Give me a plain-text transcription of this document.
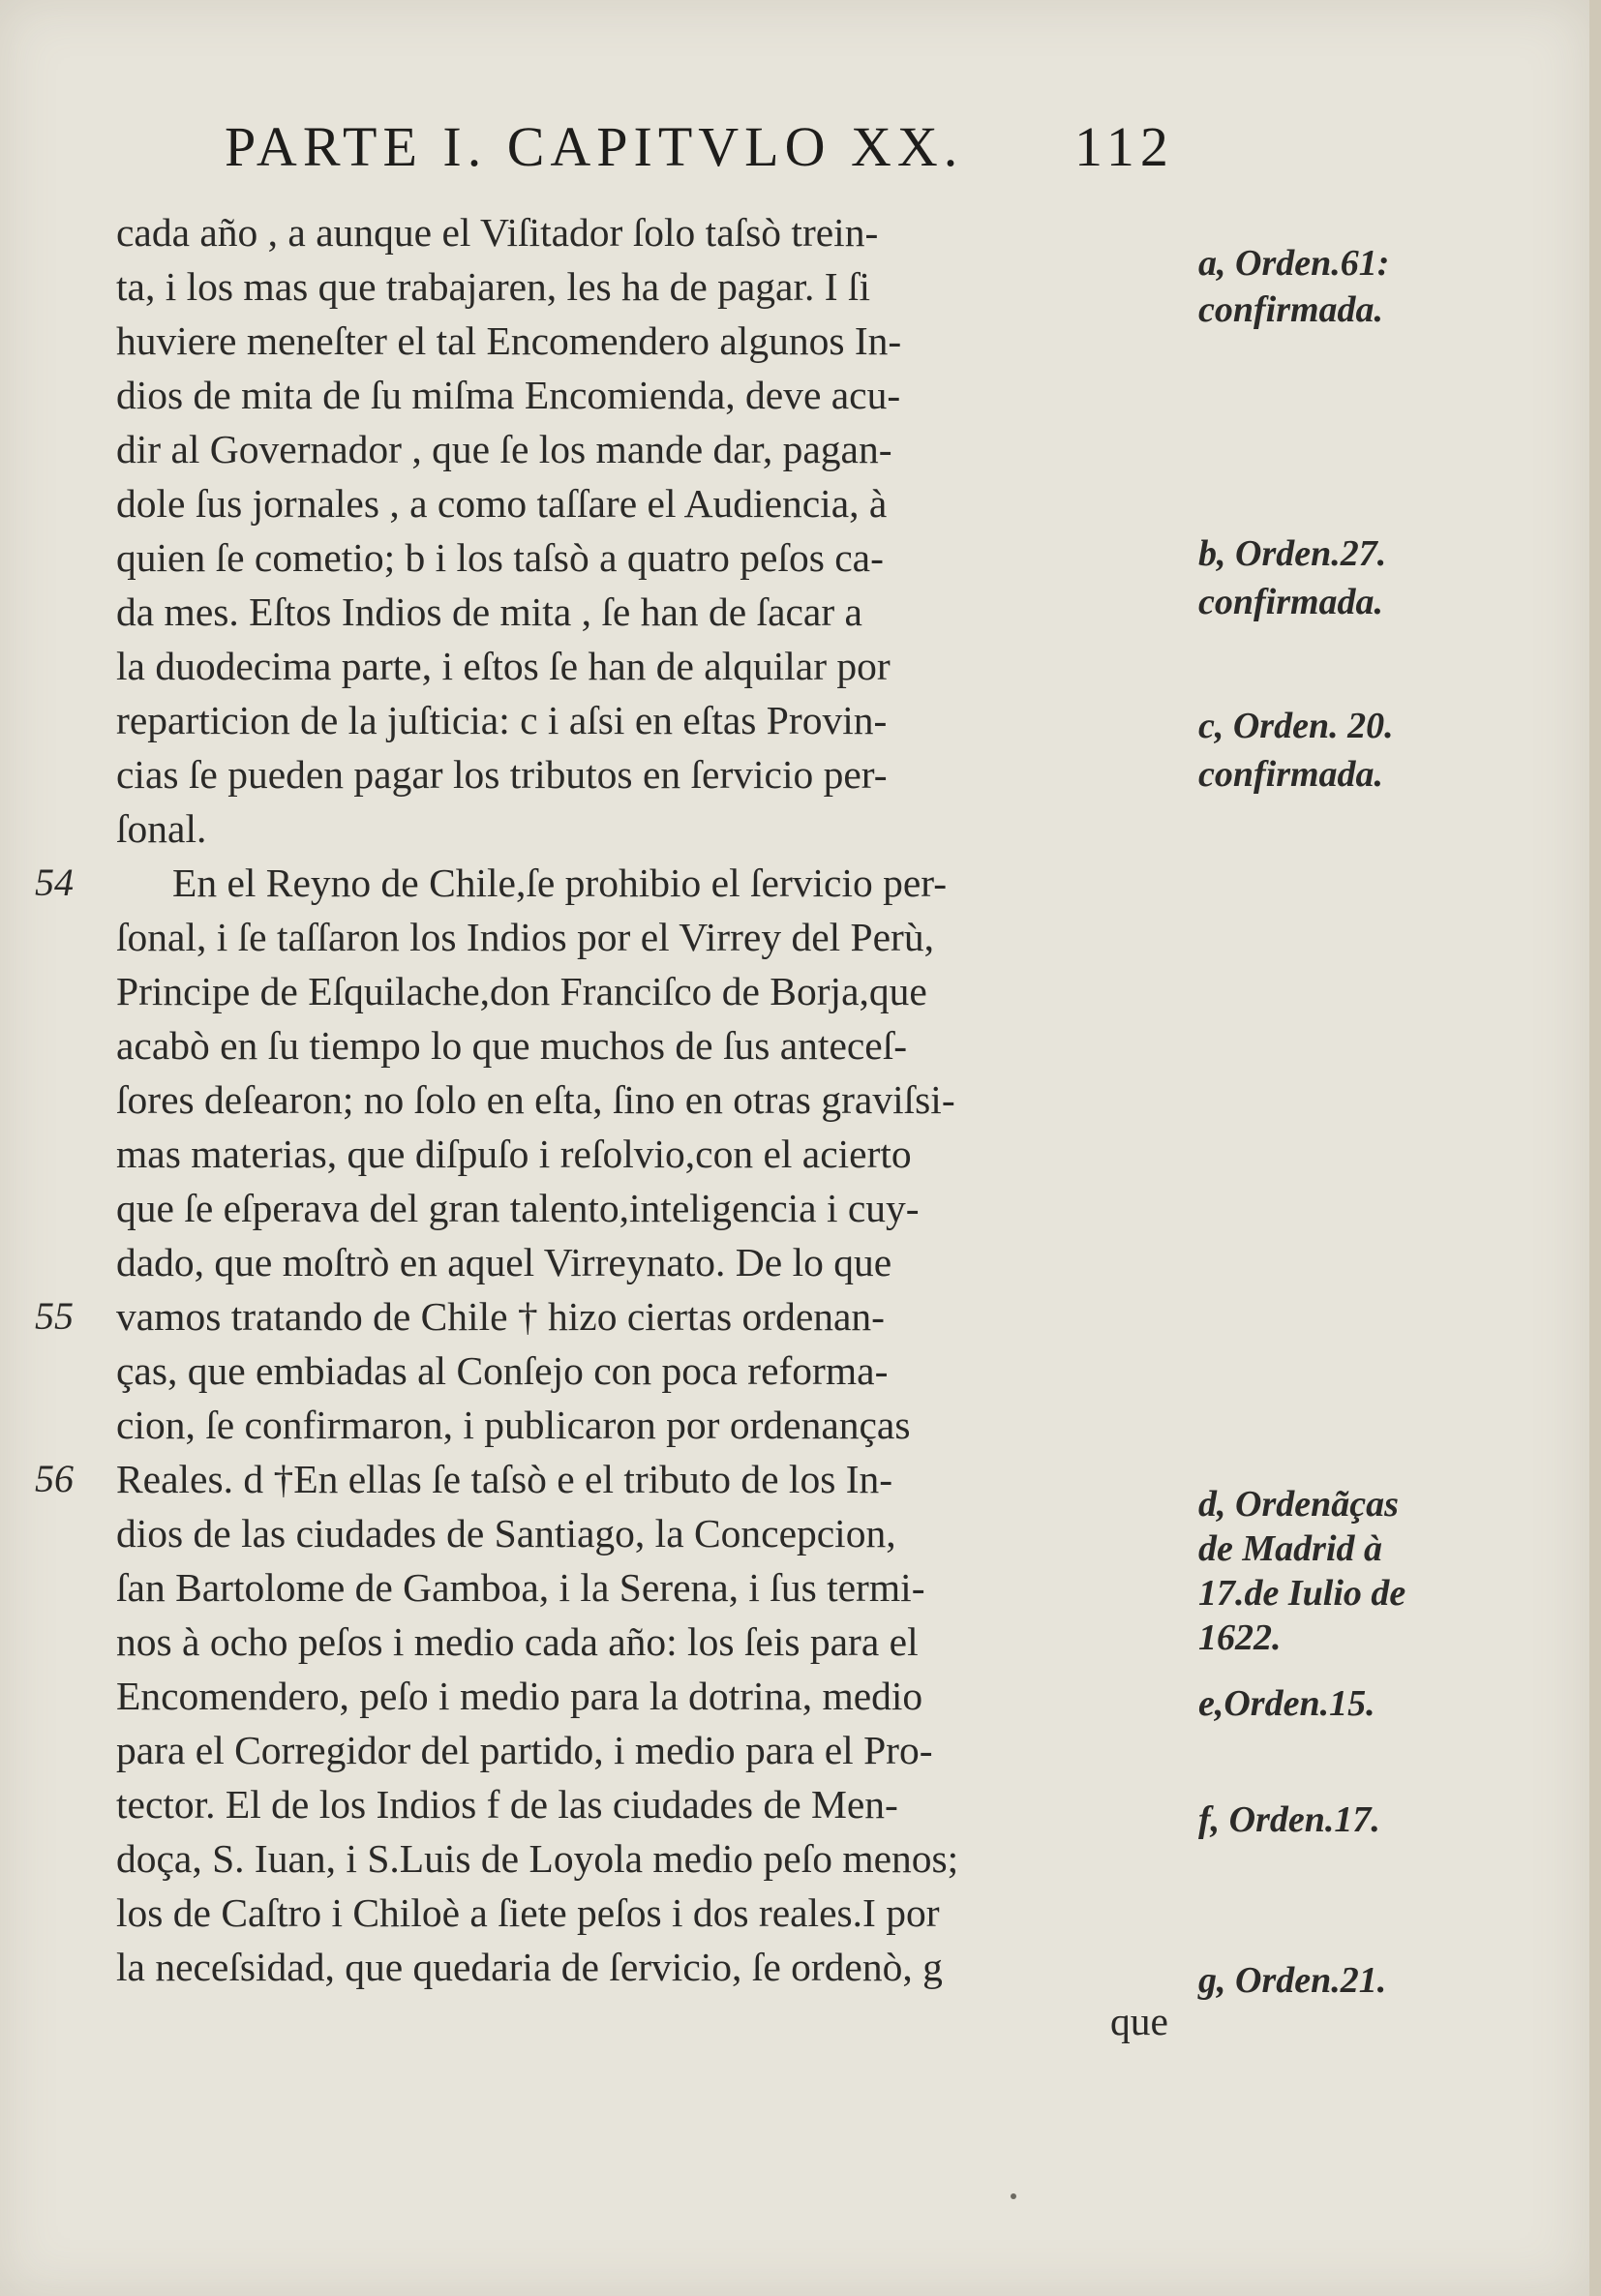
PARTE I. CAPITVLO XX. 112
cada año , a aunque el Viſitador ſolo taſsò trein-
ta, i los mas que trabajaren, les ha de pagar. I ſi
huviere meneſter el tal Encomendero algunos In-
dios de mita de ſu miſma Encomienda, deve acu-
dir al Governador , que ſe los mande dar, pagan-
dole ſus jornales , a como taſſare el Audiencia, à
quien ſe cometio; b i los taſsò a quatro peſos ca-
da mes. Eſtos Indios de mita , ſe han de ſacar a
la duodecima parte, i eſtos ſe han de alquilar por
reparticion de la juſticia: c i aſsi en eſtas Provin-
cias ſe pueden pagar los tributos en ſervicio per-
ſonal.
En el Reyno de Chile,ſe prohibio el ſervicio per-
ſonal, i ſe taſſaron los Indios por el Virrey del Perù,
Principe de Eſquilache,don Franciſco de Borja,que
acabò en ſu tiempo lo que muchos de ſus anteceſ-
ſores deſearon; no ſolo en eſta, ſino en otras graviſsi-
mas materias, que diſpuſo i reſolvio,con el acierto
que ſe eſperava del gran talento,inteligencia i cuy-
dado, que moſtrò en aquel Virreynato. De lo que
vamos tratando de Chile † hizo ciertas ordenan-
ças, que embiadas al Conſejo con poca reforma-
cion, ſe confirmaron, i publicaron por ordenanças
Reales. d †En ellas ſe taſsò e el tributo de los In-
dios de las ciudades de Santiago, la Concepcion,
ſan Bartolome de Gamboa, i la Serena, i ſus termi-
nos à ocho peſos i medio cada año: los ſeis para el
Encomendero, peſo i medio para la dotrina, medio
para el Corregidor del partido, i medio para el Pro-
tector. El de los Indios f de las ciudades de Men-
doça, S. Iuan, i S.Luis de Loyola medio peſo menos;
los de Caſtro i Chiloè a ſiete peſos i dos reales.I por
la neceſsidad, que quedaria de ſervicio, ſe ordenò, g
que
54
55
56
a, Orden.61:
confirmada.
b, Orden.27.
confirmada.
c, Orden. 20.
confirmada.
d, Ordenãças
de Madrid à
17.de Iulio de
1622.
e,Orden.15.
f, Orden.17.
g, Orden.21.
